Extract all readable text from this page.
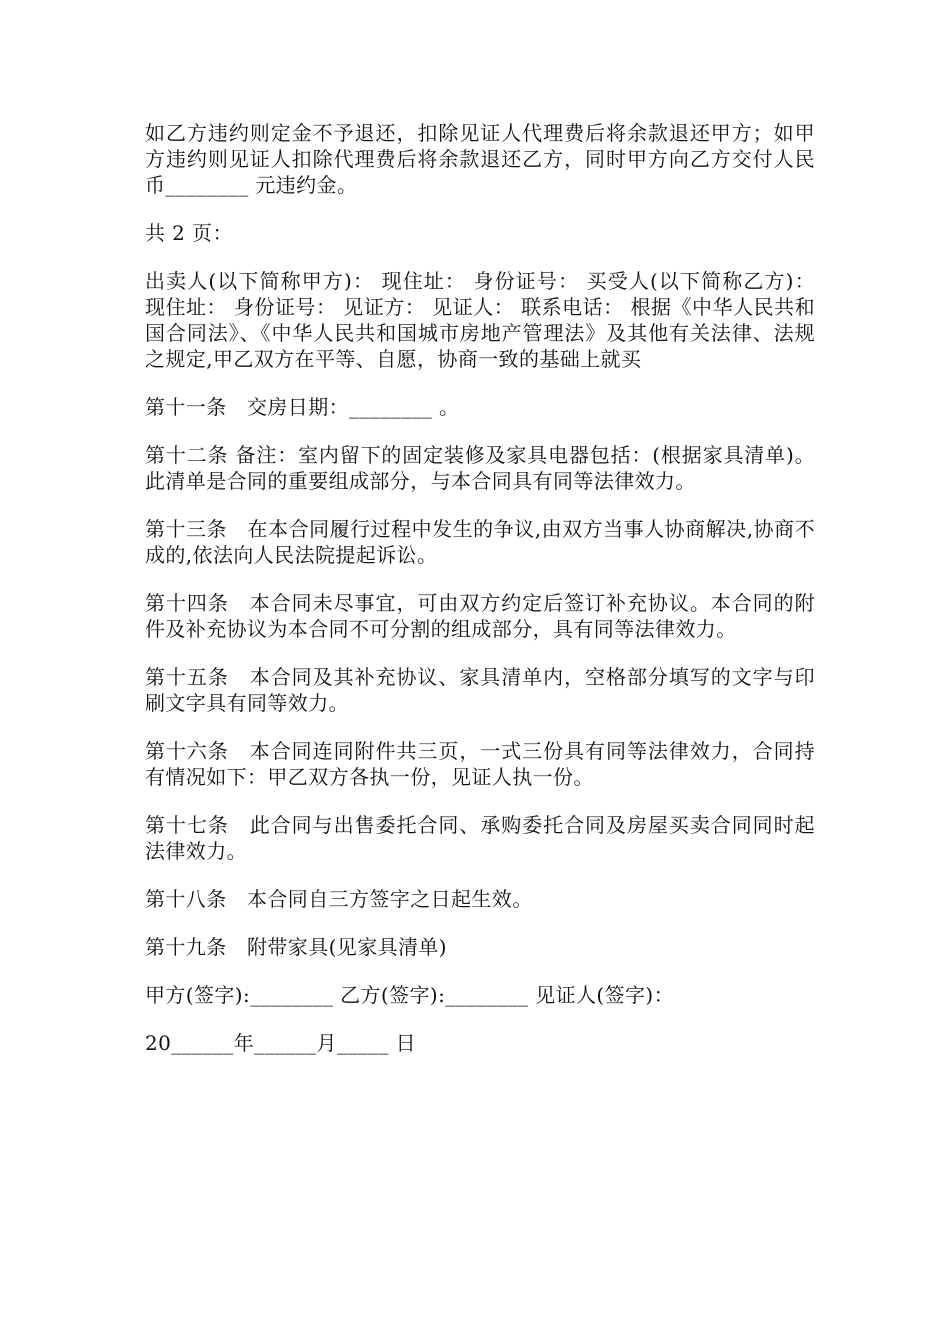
如乙方违约则定金不予退还，扣除见证人代理费后将余款退还甲方；如甲方违约则见证人扣除代理费后将余款退还乙方，同时甲方向乙方交付人民币________ 元违约金。

共 2 页：

出卖人(以下简称甲方)： 现住址： 身份证号： 买受人(以下简称乙方)： 现住址： 身份证号： 见证方： 见证人： 联系电话： 根据《中华人民共和国合同法》、《中华人民共和国城市房地产管理法》及其他有关法律、法规之规定,甲乙双方在平等、自愿，协商一致的基础上就买

第十一条　交房日期：________ 。

第十二条 备注：室内留下的固定装修及家具电器包括：(根据家具清单)。此清单是合同的重要组成部分，与本合同具有同等法律效力。

第十三条　在本合同履行过程中发生的争议,由双方当事人协商解决,协商不成的,依法向人民法院提起诉讼。

第十四条　本合同未尽事宜，可由双方约定后签订补充协议。本合同的附件及补充协议为本合同不可分割的组成部分，具有同等法律效力。

第十五条　本合同及其补充协议、家具清单内，空格部分填写的文字与印刷文字具有同等效力。

第十六条　本合同连同附件共三页，一式三份具有同等法律效力，合同持有情况如下：甲乙双方各执一份，见证人执一份。

第十七条　此合同与出售委托合同、承购委托合同及房屋买卖合同同时起法律效力。

第十八条　本合同自三方签字之日起生效。

第十九条　附带家具(见家具清单)

甲方(签字):________ 乙方(签字):________ 见证人(签字)：

20______年______月_____ 日
